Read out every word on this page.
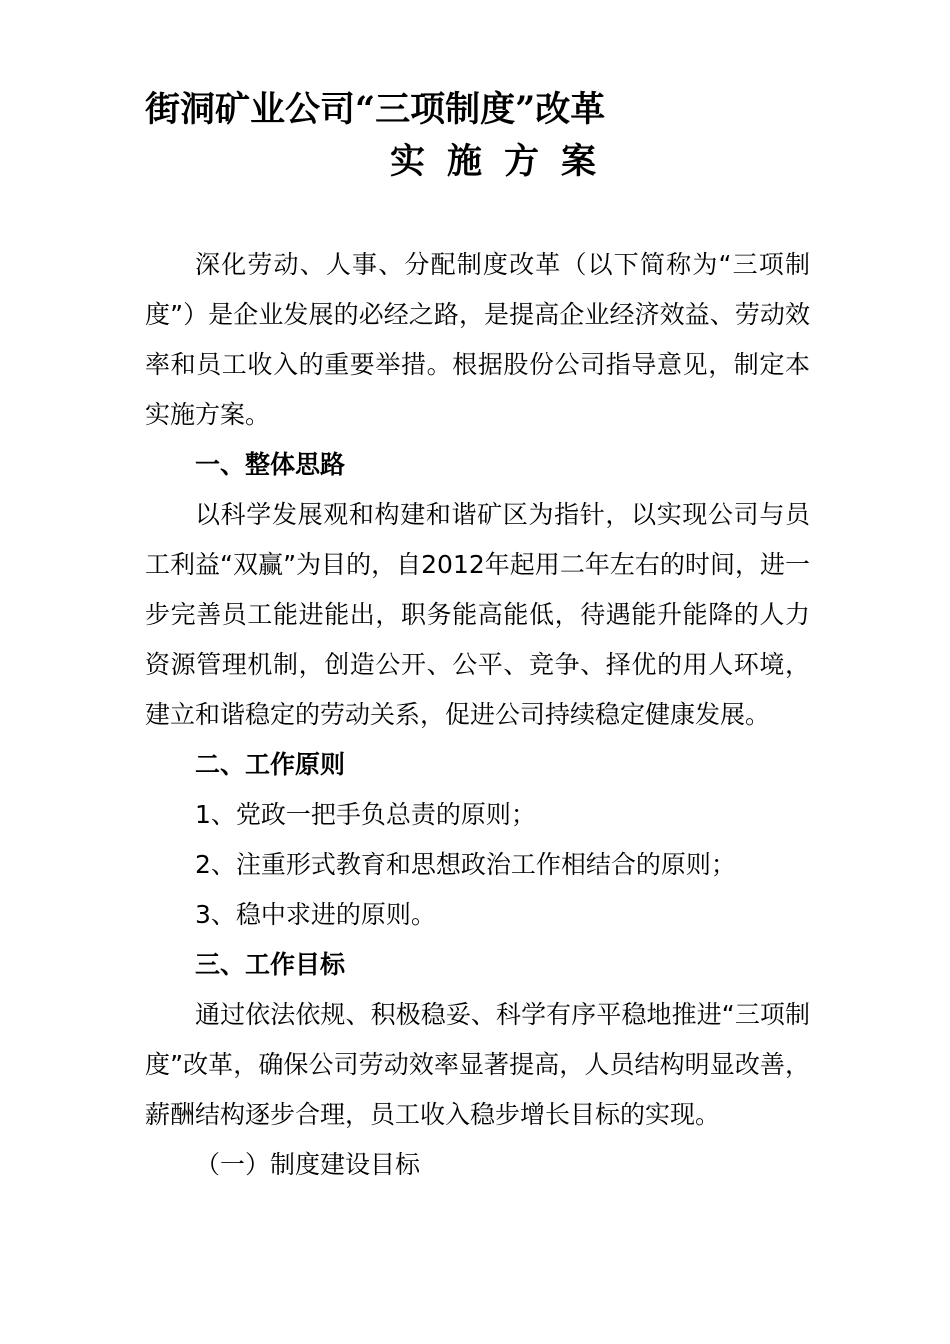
街洞矿业公司“三项制度”改革
实施方案

深化劳动、人事、分配制度改革（以下简称为“三项制度”）是企业发展的必经之路，是提高企业经济效益、劳动效率和员工收入的重要举措。根据股份公司指导意见，制定本实施方案。

一、整体思路

以科学发展观和构建和谐矿区为指针，以实现公司与员工利益“双赢”为目的，自2012年起用二年左右的时间，进一步完善员工能进能出，职务能高能低，待遇能升能降的人力资源管理机制，创造公开、公平、竞争、择优的用人环境，建立和谐稳定的劳动关系，促进公司持续稳定健康发展。

二、工作原则

1、党政一把手负总责的原则；

2、注重形式教育和思想政治工作相结合的原则；

3、稳中求进的原则。

三、工作目标

通过依法依规、积极稳妥、科学有序平稳地推进“三项制度”改革，确保公司劳动效率显著提高，人员结构明显改善，薪酬结构逐步合理，员工收入稳步增长目标的实现。

（一）制度建设目标
